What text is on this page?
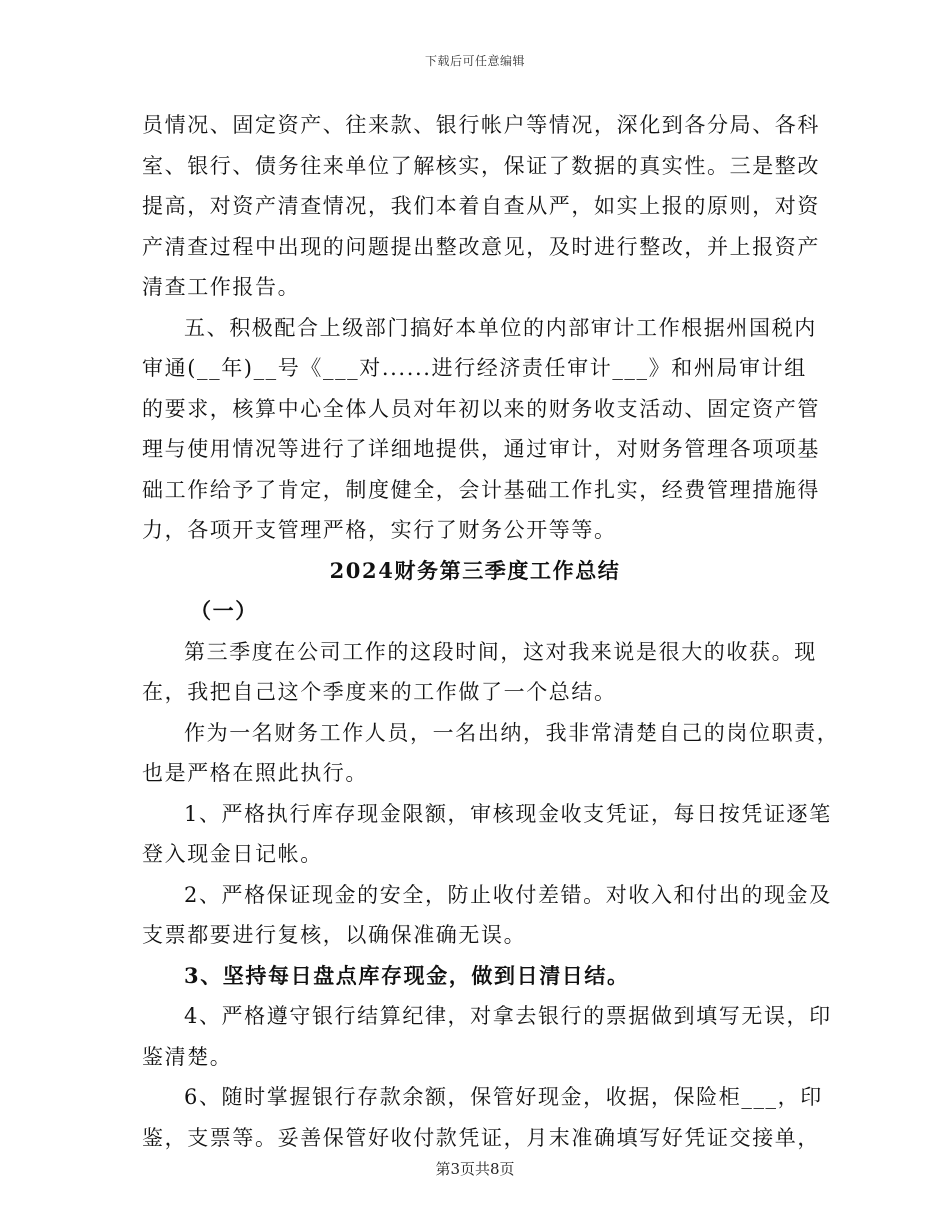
下载后可任意编辑
员情况、固定资产、往来款、银行帐户等情况，深化到各分局、各科
室、银行、债务往来单位了解核实，保证了数据的真实性。三是整改
提高，对资产清查情况，我们本着自查从严，如实上报的原则，对资
产清查过程中出现的问题提出整改意见，及时进行整改，并上报资产
清查工作报告。
五、积极配合上级部门搞好本单位的内部审计工作根据州国税内
审通(__年)__号《___对......进行经济责任审计___》和州局审计组
的要求，核算中心全体人员对年初以来的财务收支活动、固定资产管
理与使用情况等进行了详细地提供，通过审计，对财务管理各项项基
础工作给予了肯定，制度健全，会计基础工作扎实，经费管理措施得
力，各项开支管理严格，实行了财务公开等等。
2024财务第三季度工作总结
（一）
第三季度在公司工作的这段时间，这对我来说是很大的收获。现
在，我把自己这个季度来的工作做了一个总结。
作为一名财务工作人员，一名出纳，我非常清楚自己的岗位职责，
也是严格在照此执行。
1、严格执行库存现金限额，审核现金收支凭证，每日按凭证逐笔
登入现金日记帐。
2、严格保证现金的安全，防止收付差错。对收入和付出的现金及
支票都要进行复核，以确保准确无误。
3、坚持每日盘点库存现金，做到日清日结。
4、严格遵守银行结算纪律，对拿去银行的票据做到填写无误，印
鉴清楚。
6、随时掌握银行存款余额，保管好现金，收据，保险柜___，印
鉴，支票等。妥善保管好收付款凭证，月末准确填写好凭证交接单，
第3页共8页
